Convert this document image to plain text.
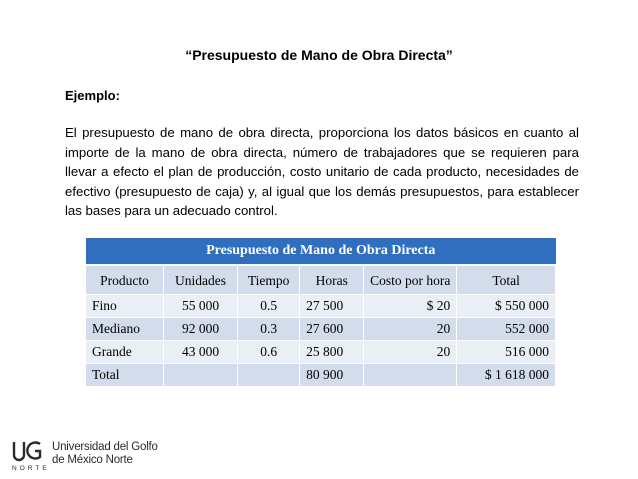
“Presupuesto de Mano de Obra Directa”
Ejemplo:

El presupuesto de mano de obra directa, proporciona los datos básicos en cuanto al importe de la mano de obra directa, número de trabajadores que se requieren para llevar a efecto el plan de producción, costo unitario de cada producto, necesidades de efectivo (presupuesto de caja) y, al igual que los demás presupuestos, para establecer las bases para un adecuado control.

Presupuesto de Mano de Obra Directa					
Producto	Unidades	Tiempo	Horas	Costo por hora	Total
Fino	55 000	0.5	27 500	$ 20	$ 550 000
Mediano	92 000	0.3	27 600	20	552 000
Grande	43 000	0.6	25 800	20	516 000
Total			80 900		$ 1 618 000
Universidad del Golfo
de México Norte
NORTE
